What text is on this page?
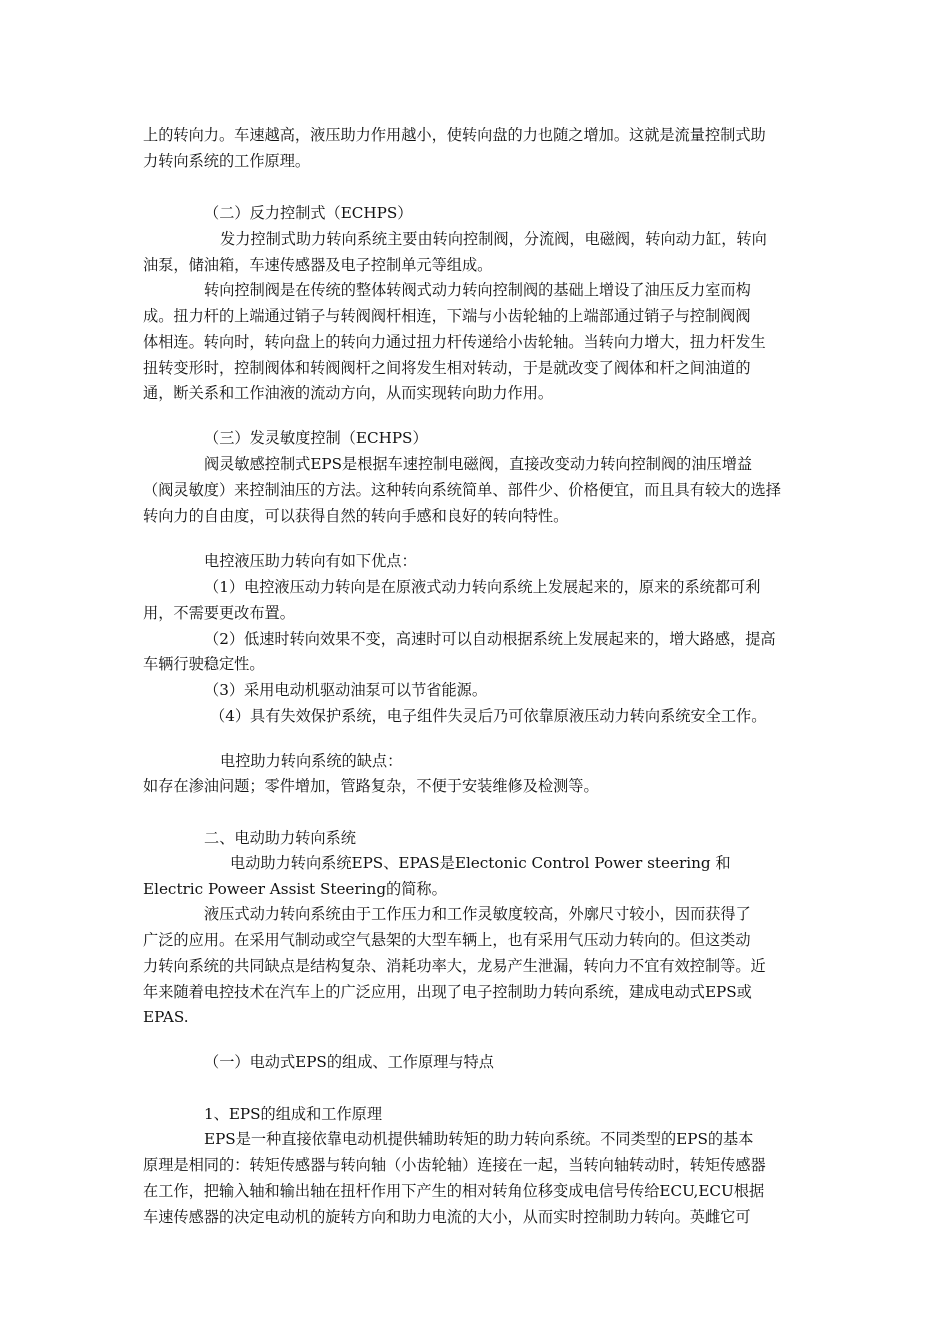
上的转向力。车速越高，液压助力作用越小，使转向盘的力也随之增加。这就是流量控制式助
力转向系统的工作原理。
（二）反力控制式（ECHPS）
发力控制式助力转向系统主要由转向控制阀，分流阀，电磁阀，转向动力缸，转向
油泵，储油箱，车速传感器及电子控制单元等组成。
转向控制阀是在传统的整体转阀式动力转向控制阀的基础上增设了油压反力室而构
成。扭力杆的上端通过销子与转阀阀杆相连，下端与小齿轮轴的上端部通过销子与控制阀阀
体相连。转向时，转向盘上的转向力通过扭力杆传递给小齿轮轴。当转向力增大，扭力杆发生
扭转变形时，控制阀体和转阀阀杆之间将发生相对转动，于是就改变了阀体和杆之间油道的
通，断关系和工作油液的流动方向，从而实现转向助力作用。
（三）发灵敏度控制（ECHPS）
阀灵敏感控制式EPS是根据车速控制电磁阀，直接改变动力转向控制阀的油压增益
（阀灵敏度）来控制油压的方法。这种转向系统简单、部件少、价格便宜，而且具有较大的选择
转向力的自由度，可以获得自然的转向手感和良好的转向特性。
电控液压助力转向有如下优点：
（1）电控液压动力转向是在原液式动力转向系统上发展起来的，原来的系统都可利
用，不需要更改布置。
（2）低速时转向效果不变，高速时可以自动根据系统上发展起来的，增大路感，提高
车辆行驶稳定性。
（3）采用电动机驱动油泵可以节省能源。
（4）具有失效保护系统，电子组件失灵后乃可依靠原液压动力转向系统安全工作。
电控助力转向系统的缺点：
如存在渗油问题；零件增加，管路复杂，不便于安装维修及检测等。
二、电动助力转向系统
电动助力转向系统EPS、EPAS是Electonic Control Power steering 和
Electric Poweer Assist Steering的简称。
液压式动力转向系统由于工作压力和工作灵敏度较高，外廓尺寸较小，因而获得了
广泛的应用。在采用气制动或空气悬架的大型车辆上，也有采用气压动力转向的。但这类动
力转向系统的共同缺点是结构复杂、消耗功率大，龙易产生泄漏，转向力不宜有效控制等。近
年来随着电控技术在汽车上的广泛应用，出现了电子控制助力转向系统，建成电动式EPS或
EPAS.
（一）电动式EPS的组成、工作原理与特点
1、EPS的组成和工作原理
EPS是一种直接依靠电动机提供辅助转矩的助力转向系统。不同类型的EPS的基本
原理是相同的：转矩传感器与转向轴（小齿轮轴）连接在一起，当转向轴转动时，转矩传感器
在工作，把输入轴和输出轴在扭杆作用下产生的相对转角位移变成电信号传给ECU,ECU根据
车速传感器的决定电动机的旋转方向和助力电流的大小，从而实时控制助力转向。英雌它可
